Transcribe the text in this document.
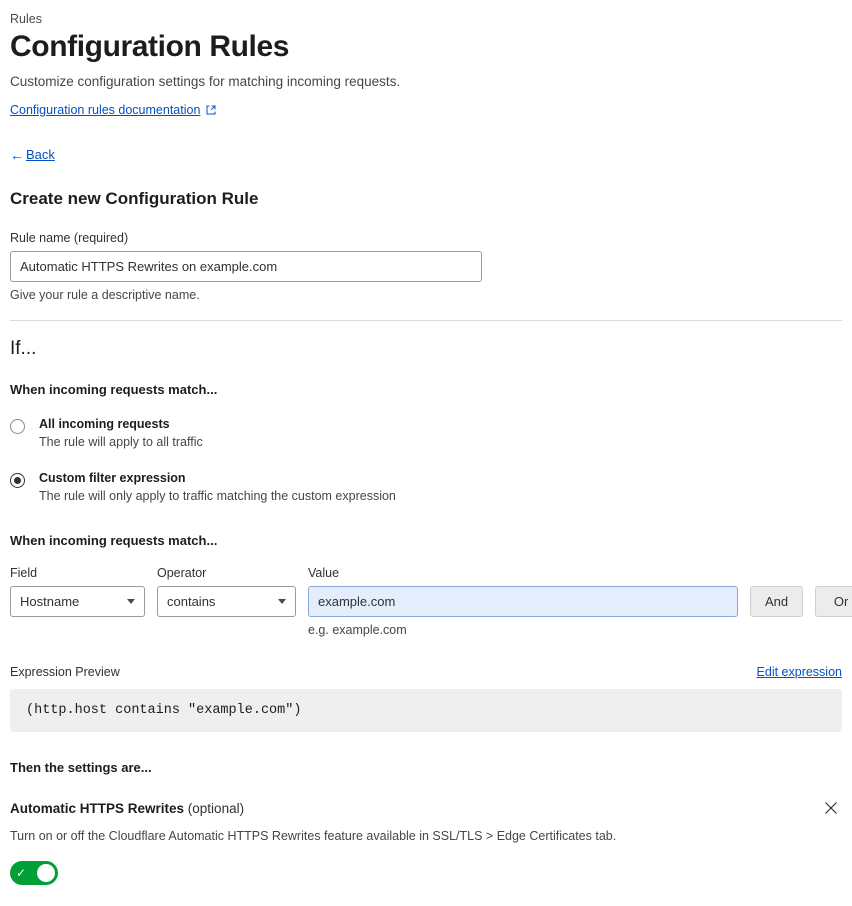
Rules
Configuration Rules
Customize configuration settings for matching incoming requests.
Configuration rules documentation
← Back
Create new Configuration Rule
Rule name (required)
Automatic HTTPS Rewrites on example.com
Give your rule a descriptive name.
If...
When incoming requests match...
All incoming requests
The rule will apply to all traffic
Custom filter expression
The rule will only apply to traffic matching the custom expression
When incoming requests match...
Field
Hostname
Operator
contains
Value
example.com
e.g. example.com

And
	Or
Expression Preview	Edit expression
(http.host contains "example.com")
Then the settings are...
Automatic HTTPS Rewrites (optional)
Turn on or off the Cloudflare Automatic HTTPS Rewrites feature available in SSL/TLS > Edge Certificates tab.
✓
